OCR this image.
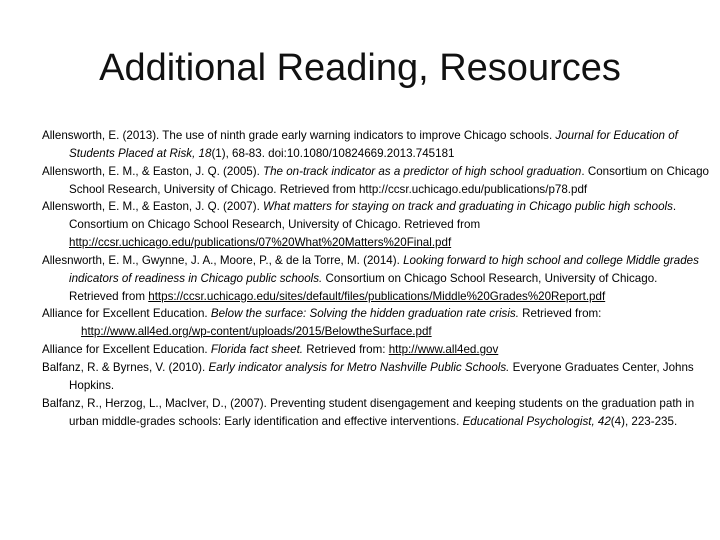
Additional Reading, Resources

Allensworth, E. (2013). The use of ninth grade early warning indicators to improve Chicago schools. Journal for Education of Students Placed at Risk, 18(1), 68-83. doi:10.1080/10824669.2013.745181

Allensworth, E. M., & Easton, J. Q. (2005). The on-track indicator as a predictor of high school graduation. Consortium on Chicago School Research, University of Chicago. Retrieved from http://ccsr.uchicago.edu/publications/p78.pdf

Allensworth, E. M., & Easton, J. Q. (2007). What matters for staying on track and graduating in Chicago public high schools. Consortium on Chicago School Research, University of Chicago. Retrieved from http://ccsr.uchicago.edu/publications/07%20What%20Matters%20Final.pdf

Allesnworth, E. M., Gwynne, J. A., Moore, P., & de la Torre, M. (2014). Looking forward to high school and college Middle grades indicators of readiness in Chicago public schools. Consortium on Chicago School Research, University of Chicago. Retrieved from https://ccsr.uchicago.edu/sites/default/files/publications/Middle%20Grades%20Report.pdf

Alliance for Excellent Education. Below the surface: Solving the hidden graduation rate crisis. Retrieved from: http://www.all4ed.org/wp-content/uploads/2015/BelowtheSurface.pdf

Alliance for Excellent Education. Florida fact sheet. Retrieved from: http://www.all4ed.gov

Balfanz, R. & Byrnes, V. (2010). Early indicator analysis for Metro Nashville Public Schools. Everyone Graduates Center, Johns Hopkins.

Balfanz, R., Herzog, L., MacIver, D., (2007). Preventing student disengagement and keeping students on the graduation path in urban middle-grades schools: Early identification and effective interventions. Educational Psychologist, 42(4), 223-235.
